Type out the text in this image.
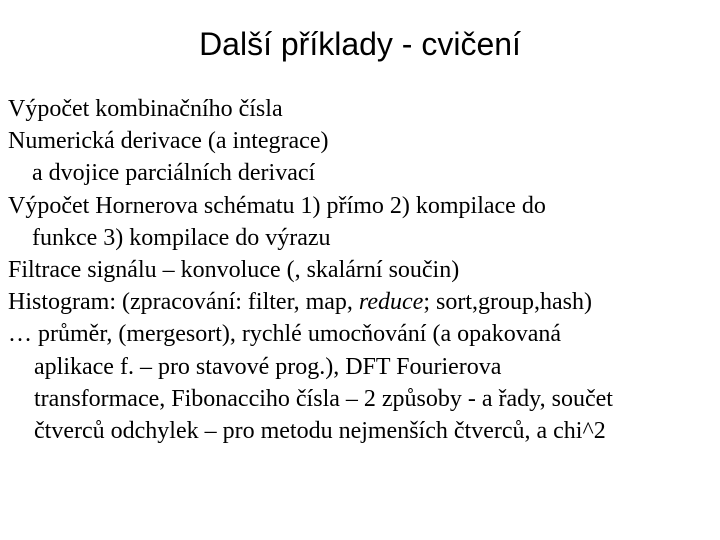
Další příklady - cvičení
Výpočet kombinačního čísla
Numerická derivace (a integrace)
a dvojice parciálních derivací
Výpočet Hornerova schématu 1) přímo 2) kompilace do
funkce 3) kompilace do výrazu
Filtrace signálu – konvoluce (, skalární součin)
Histogram: (zpracování: filter, map, reduce; sort,group,hash)
… průměr, (mergesort), rychlé umocňování (a opakovaná
aplikace f. – pro stavové prog.), DFT Fourierova
transformace, Fibonacciho čísla – 2 způsoby - a řady, součet
čtverců odchylek – pro metodu nejmenších čtverců, a chi^2
